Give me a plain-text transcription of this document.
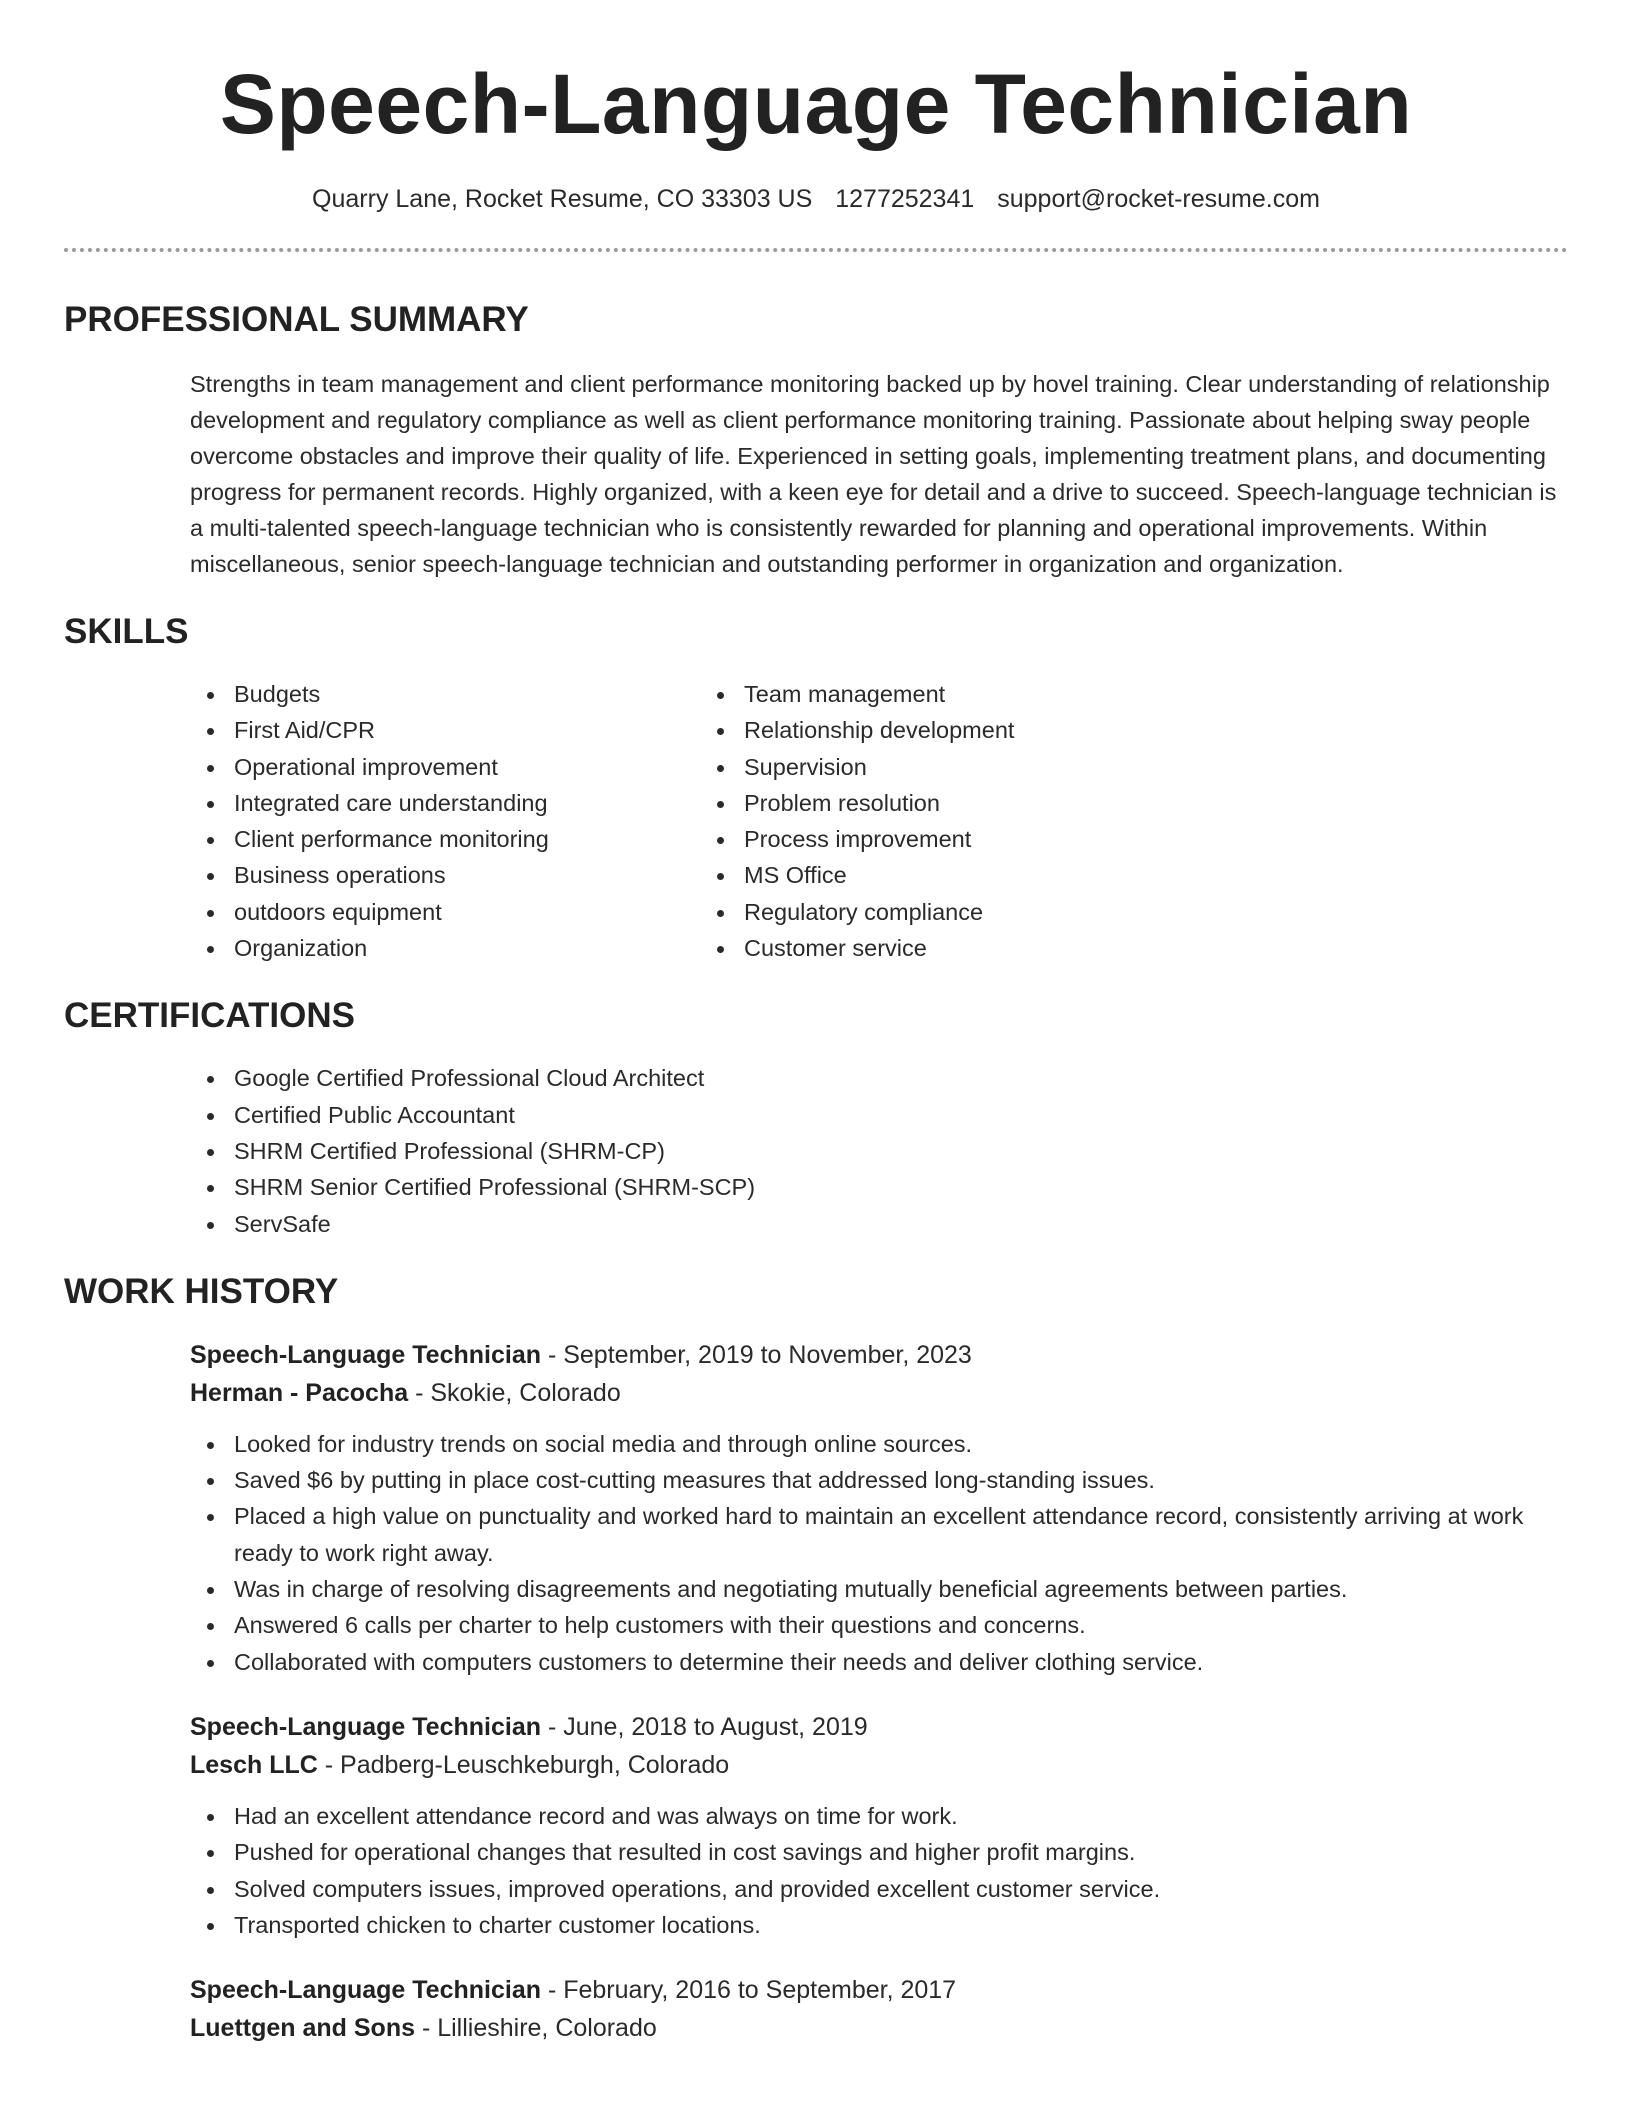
Speech-Language Technician
Quarry Lane, Rocket Resume, CO 33303 US 1277252341 support@rocket-resume.com
PROFESSIONAL SUMMARY

Strengths in team management and client performance monitoring backed up by hovel training. Clear understanding of relationship development and regulatory compliance as well as client performance monitoring training. Passionate about helping sway people overcome obstacles and improve their quality of life. Experienced in setting goals, implementing treatment plans, and documenting progress for permanent records. Highly organized, with a keen eye for detail and a drive to succeed. Speech-language technician is a multi-talented speech-language technician who is consistently rewarded for planning and operational improvements. Within miscellaneous, senior speech-language technician and outstanding performer in organization and organization.

SKILLS
Budgets
First Aid/CPR
Operational improvement
Integrated care understanding
Client performance monitoring
Business operations
outdoors equipment
Organization
Team management
Relationship development
Supervision
Problem resolution
Process improvement
MS Office
Regulatory compliance
Customer service
CERTIFICATIONS
Google Certified Professional Cloud Architect
Certified Public Accountant
SHRM Certified Professional (SHRM-CP)
SHRM Senior Certified Professional (SHRM-SCP)
ServSafe
WORK HISTORY
Speech-Language Technician - September, 2019 to November, 2023
Herman - Pacocha - Skokie, Colorado
Looked for industry trends on social media and through online sources.
Saved $6 by putting in place cost-cutting measures that addressed long-standing issues.
Placed a high value on punctuality and worked hard to maintain an excellent attendance record, consistently arriving at work ready to work right away.
Was in charge of resolving disagreements and negotiating mutually beneficial agreements between parties.
Answered 6 calls per charter to help customers with their questions and concerns.
Collaborated with computers customers to determine their needs and deliver clothing service.
Speech-Language Technician - June, 2018 to August, 2019
Lesch LLC - Padberg-Leuschkeburgh, Colorado
Had an excellent attendance record and was always on time for work.
Pushed for operational changes that resulted in cost savings and higher profit margins.
Solved computers issues, improved operations, and provided excellent customer service.
Transported chicken to charter customer locations.
Speech-Language Technician - February, 2016 to September, 2017
Luettgen and Sons - Lillieshire, Colorado
